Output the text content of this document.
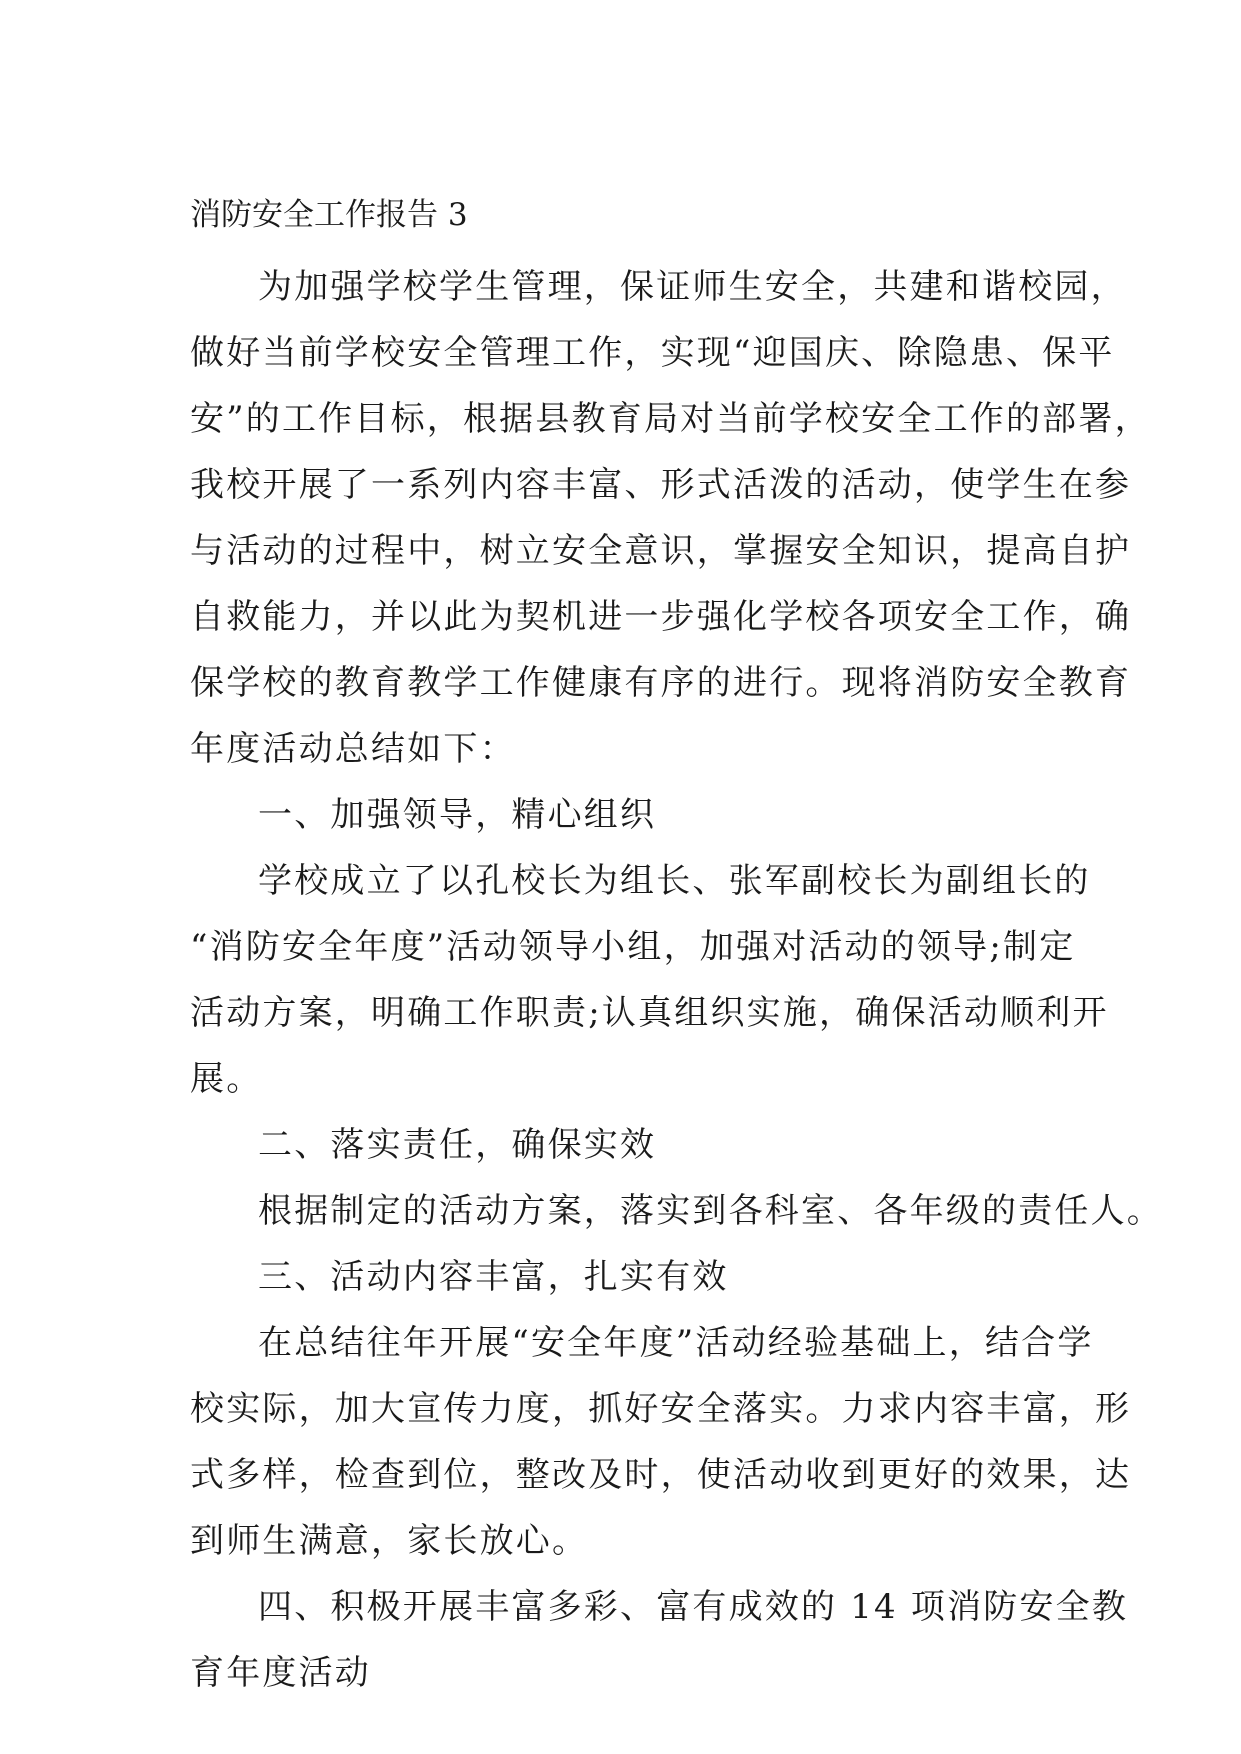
消防安全工作报告 3
为加强学校学生管理，保证师生安全，共建和谐校园，
做好当前学校安全管理工作，实现“迎国庆、除隐患、保平
安”的工作目标，根据县教育局对当前学校安全工作的部署，
我校开展了一系列内容丰富、形式活泼的活动，使学生在参
与活动的过程中，树立安全意识，掌握安全知识，提高自护
自救能力，并以此为契机进一步强化学校各项安全工作，确
保学校的教育教学工作健康有序的进行。现将消防安全教育
年度活动总结如下：
一、加强领导，精心组织
学校成立了以孔校长为组长、张军副校长为副组长的
“消防安全年度”活动领导小组，加强对活动的领导;制定
活动方案，明确工作职责;认真组织实施，确保活动顺利开
展。
二、落实责任，确保实效
根据制定的活动方案，落实到各科室、各年级的责任人。
三、活动内容丰富，扎实有效
在总结往年开展“安全年度”活动经验基础上，结合学
校实际，加大宣传力度，抓好安全落实。力求内容丰富，形
式多样，检查到位，整改及时，使活动收到更好的效果，达
到师生满意，家长放心。
四、积极开展丰富多彩、富有成效的 14 项消防安全教
育年度活动
